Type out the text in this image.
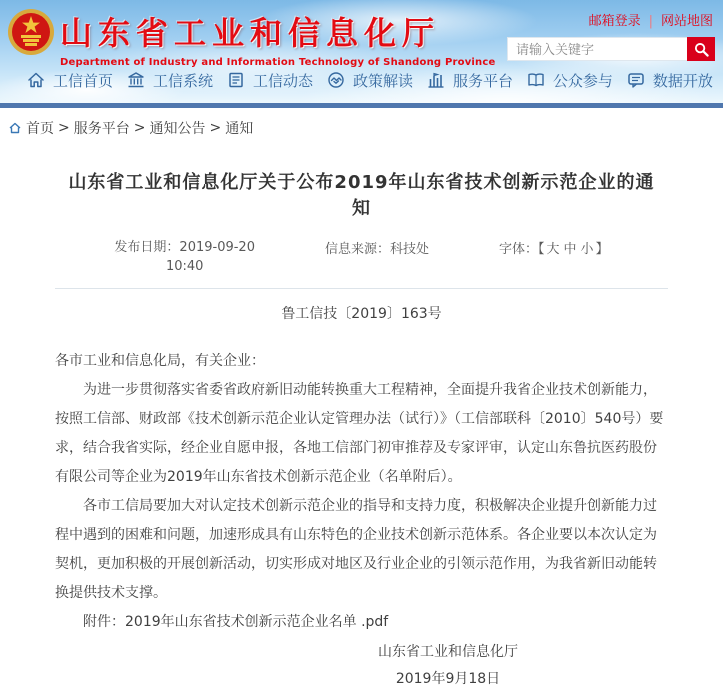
山东省工业和信息化厅
Department of Industry and Information Technology of Shandong Province
邮箱登录 | 网站地图
请输入关键字
工信首页	工信系统	工信动态	政策解读	服务平台	公众参与	数据开放
首页 > 服务平台 > 通知公告 > 通知
山东省工业和信息化厅关于公布2019年山东省技术创新示范企业的通知
发布日期：2019-09-20
10:40
信息来源：科技处	字体：【 大 中 小 】
鲁工信技〔2019〕163号

各市工业和信息化局，有关企业：

为进一步贯彻落实省委省政府新旧动能转换重大工程精神，全面提升我省企业技术创新能力，按照工信部、财政部《技术创新示范企业认定管理办法（试行）》（工信部联科〔2010〕540号）要求，结合我省实际，经企业自愿申报，各地工信部门初审推荐及专家评审，认定山东鲁抗医药股份有限公司等企业为2019年山东省技术创新示范企业（名单附后）。

各市工信局要加大对认定技术创新示范企业的指导和支持力度，积极解决企业提升创新能力过程中遇到的困难和问题，加速形成具有山东特色的企业技术创新示范体系。各企业要以本次认定为契机，更加积极的开展创新活动，切实形成对地区及行业企业的引领示范作用，为我省新旧动能转换提供技术支撑。

附件：2019年山东省技术创新示范企业名单 .pdf
山东省工业和信息化厅
2019年9月18日
